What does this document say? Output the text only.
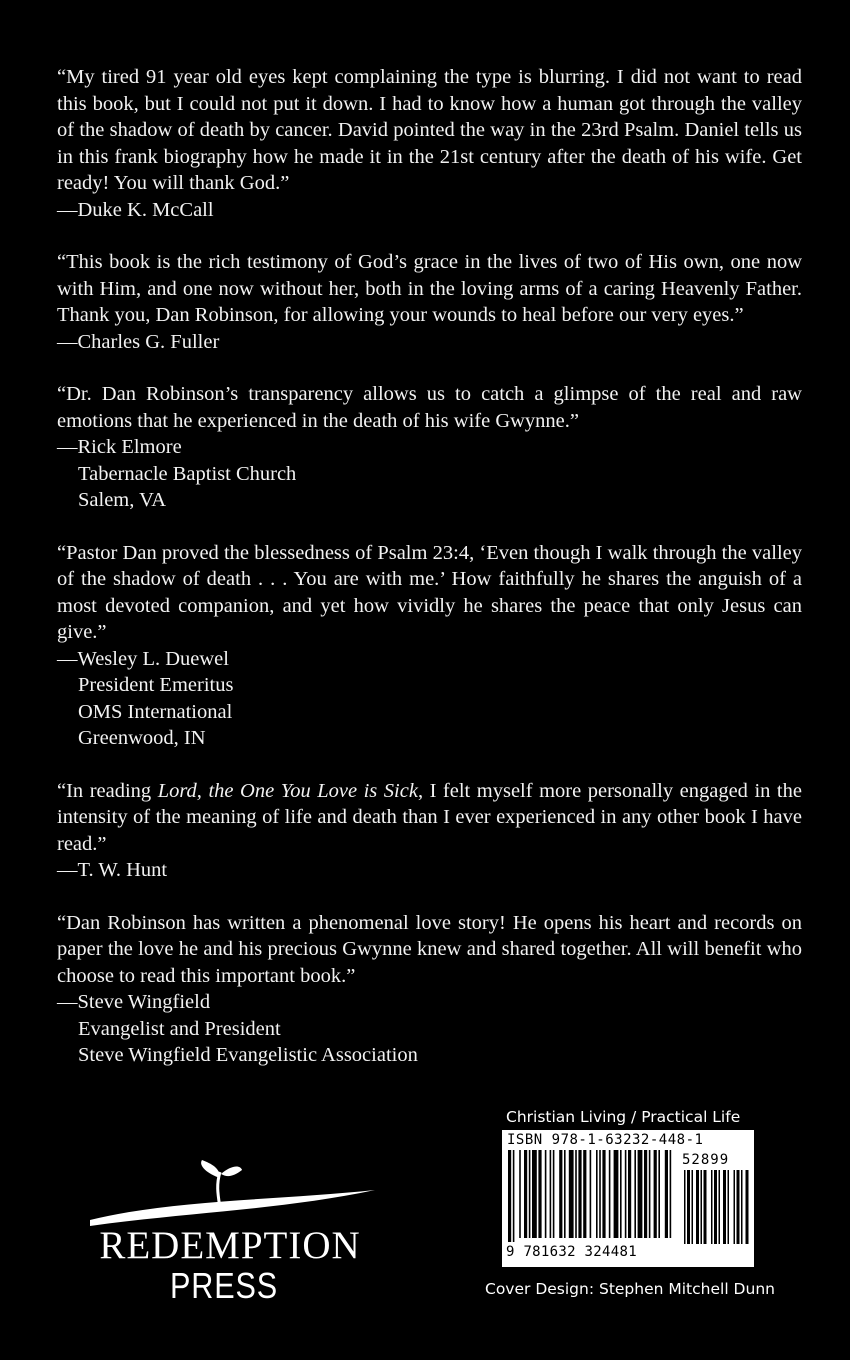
“My tired 91 year old eyes kept complaining the type is blurring. I did not want to read this book, but I could not put it down. I had to know how a human got through the valley of the shadow of death by cancer. David pointed the way in the 23rd Psalm. Daniel tells us in this frank biography how he made it in the 21st century after the death of his wife. Get ready! You will thank God.”

—Duke K. McCall

“This book is the rich testimony of God’s grace in the lives of two of His own, one now with Him, and one now without her, both in the loving arms of a caring Heavenly Father. Thank you, Dan Robinson, for allowing your wounds to heal before our very eyes.”

—Charles G. Fuller

“Dr. Dan Robinson’s transparency allows us to catch a glimpse of the real and raw emotions that he experienced in the death of his wife Gwynne.”

—Rick Elmore
Tabernacle Baptist Church
Salem, VA

“Pastor Dan proved the blessedness of Psalm 23:4, ‘Even though I walk through the valley of the shadow of death . . . You are with me.’ How faithfully he shares the anguish of a most devoted companion, and yet how vividly he shares the peace that only Jesus can give.”

—Wesley L. Duewel
President Emeritus
OMS International
Greenwood, IN

“In reading Lord, the One You Love is Sick, I felt myself more personally engaged in the intensity of the meaning of life and death than I ever experienced in any other book I have read.”

—T. W. Hunt

“Dan Robinson has written a phenomenal love story! He opens his heart and records on paper the love he and his precious Gwynne knew and shared together. All will benefit who choose to read this important book.”

—Steve Wingfield
Evangelist and President
Steve Wingfield Evangelistic Association

REDEMPTION
PRESS
Christian Living / Practical Life
ISBN 978-1-63232-448-1
52899
9 781632 324481
Cover Design: Stephen Mitchell Dunn
